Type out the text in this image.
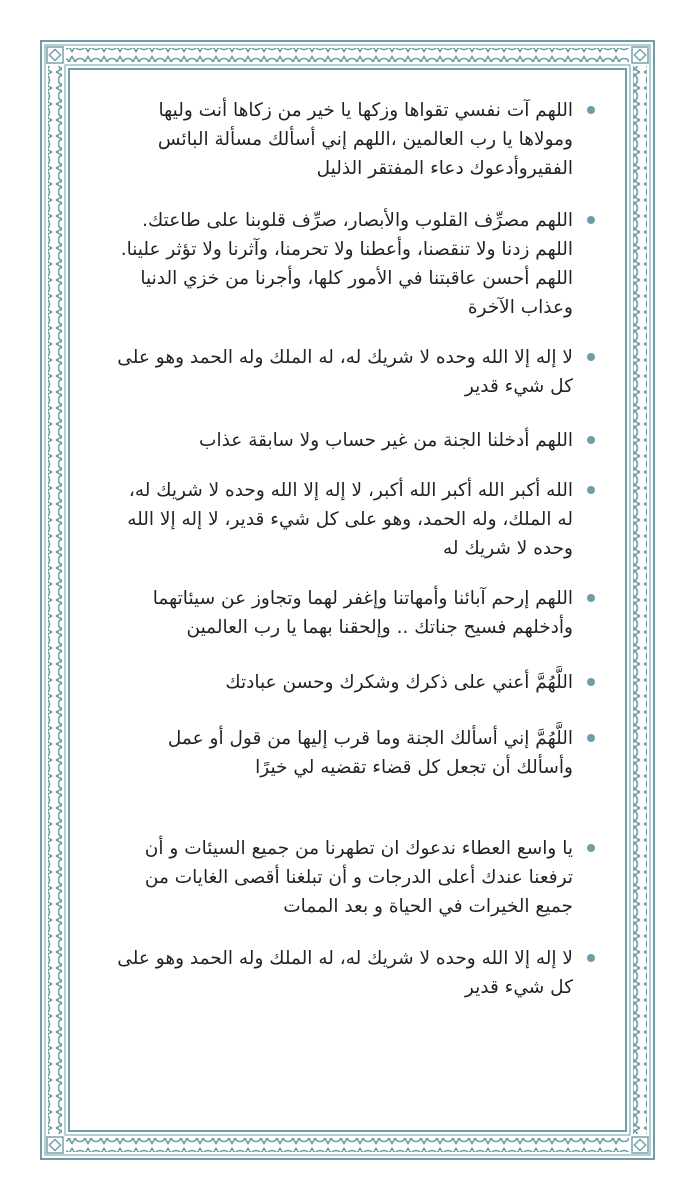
اللهم آت نفسي تقواها وزكها يا خير من زكاها أنت وليها ومولاها يا رب العالمين ،اللهم إني أسألك مسألة البائس الفقيروأدعوك دعاء المفتقر الذليل
اللهم مصرِّف القلوب والأبصار، صرِّف قلوبنا على طاعتك. اللهم زدنا ولا تنقصنا، وأعطنا ولا تحرمنا، وآثرنا ولا تؤثر علينا. اللهم أحسن عاقبتنا في الأمور كلها، وأجرنا من خزي الدنيا وعذاب الآخرة
لا إله إلا الله وحده لا شريك له، له الملك وله الحمد وهو على كل شيء قدير
اللهم أدخلنا الجنة من غير حساب ولا سابقة عذاب
الله أكبر الله أكبر الله أكبر، لا إله إلا الله وحده لا شريك له، له الملك، وله الحمد، وهو على كل شيء قدير، لا إله إلا الله وحده لا شريك له
اللهم إرحم آبائنا وأمهاتنا وإغفر لهما وتجاوز عن سيئاتهما وأدخلهم فسيح جناتك .. وإلحقنا بهما يا رب العالمين
اللَّهُمَّ أعني على ذكرك وشكرك وحسن عبادتك
اللَّهُمَّ إني أسألك الجنة وما قرب إليها من قول أو عمل وأسألك أن تجعل كل قضاء تقضيه لي خيرًا
يا واسع العطاء ندعوك ان تطهرنا من جميع السيئات و أن ترفعنا عندك أعلى الدرجات و أن تبلغنا أقصى الغايات من جميع الخيرات في الحياة و بعد الممات
لا إله إلا الله وحده لا شريك له، له الملك وله الحمد وهو على كل شيء قدير
